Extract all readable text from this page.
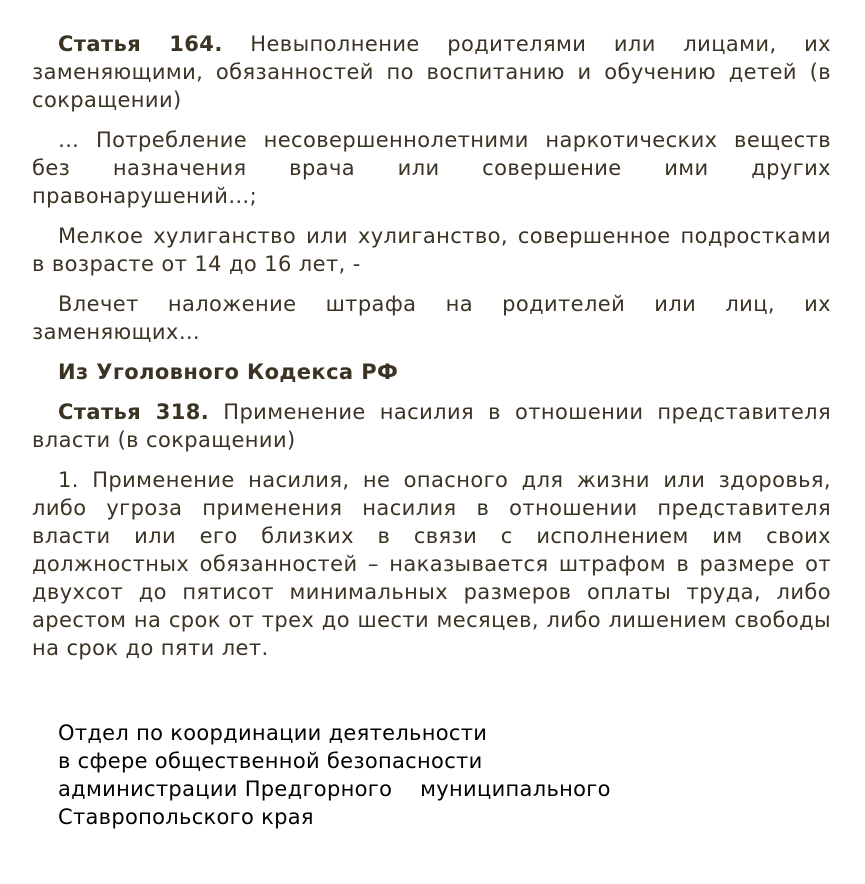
Статья 164. Невыполнение родителями или лицами, их заменяющими, обязанностей по воспитанию и обучению детей (в сокращении)

… Потребление несовершеннолетними наркотических веществ без назначения врача или совершение ими других правонарушений…;

Мелкое хулиганство или хулиганство, совершенное подростками в возрасте от 14 до 16 лет, -

Влечет наложение штрафа на родителей или лиц, их заменяющих…

Из Уголовного Кодекса РФ

Статья 318. Применение насилия в отношении представителя власти (в сокращении)

1. Применение насилия, не опасного для жизни или здоровья, либо угроза применения насилия в отношении представителя власти или его близких в связи с исполнением им своих должностных обязанностей – наказывается штрафом в размере от двухсот до пятисот минимальных размеров оплаты труда, либо арестом на срок от трех до шести месяцев, либо лишением свободы на срок до пяти лет.

Отдел по координации деятельности
в сфере общественной безопасности
администрации Предгорного    муниципального
Ставропольского края
